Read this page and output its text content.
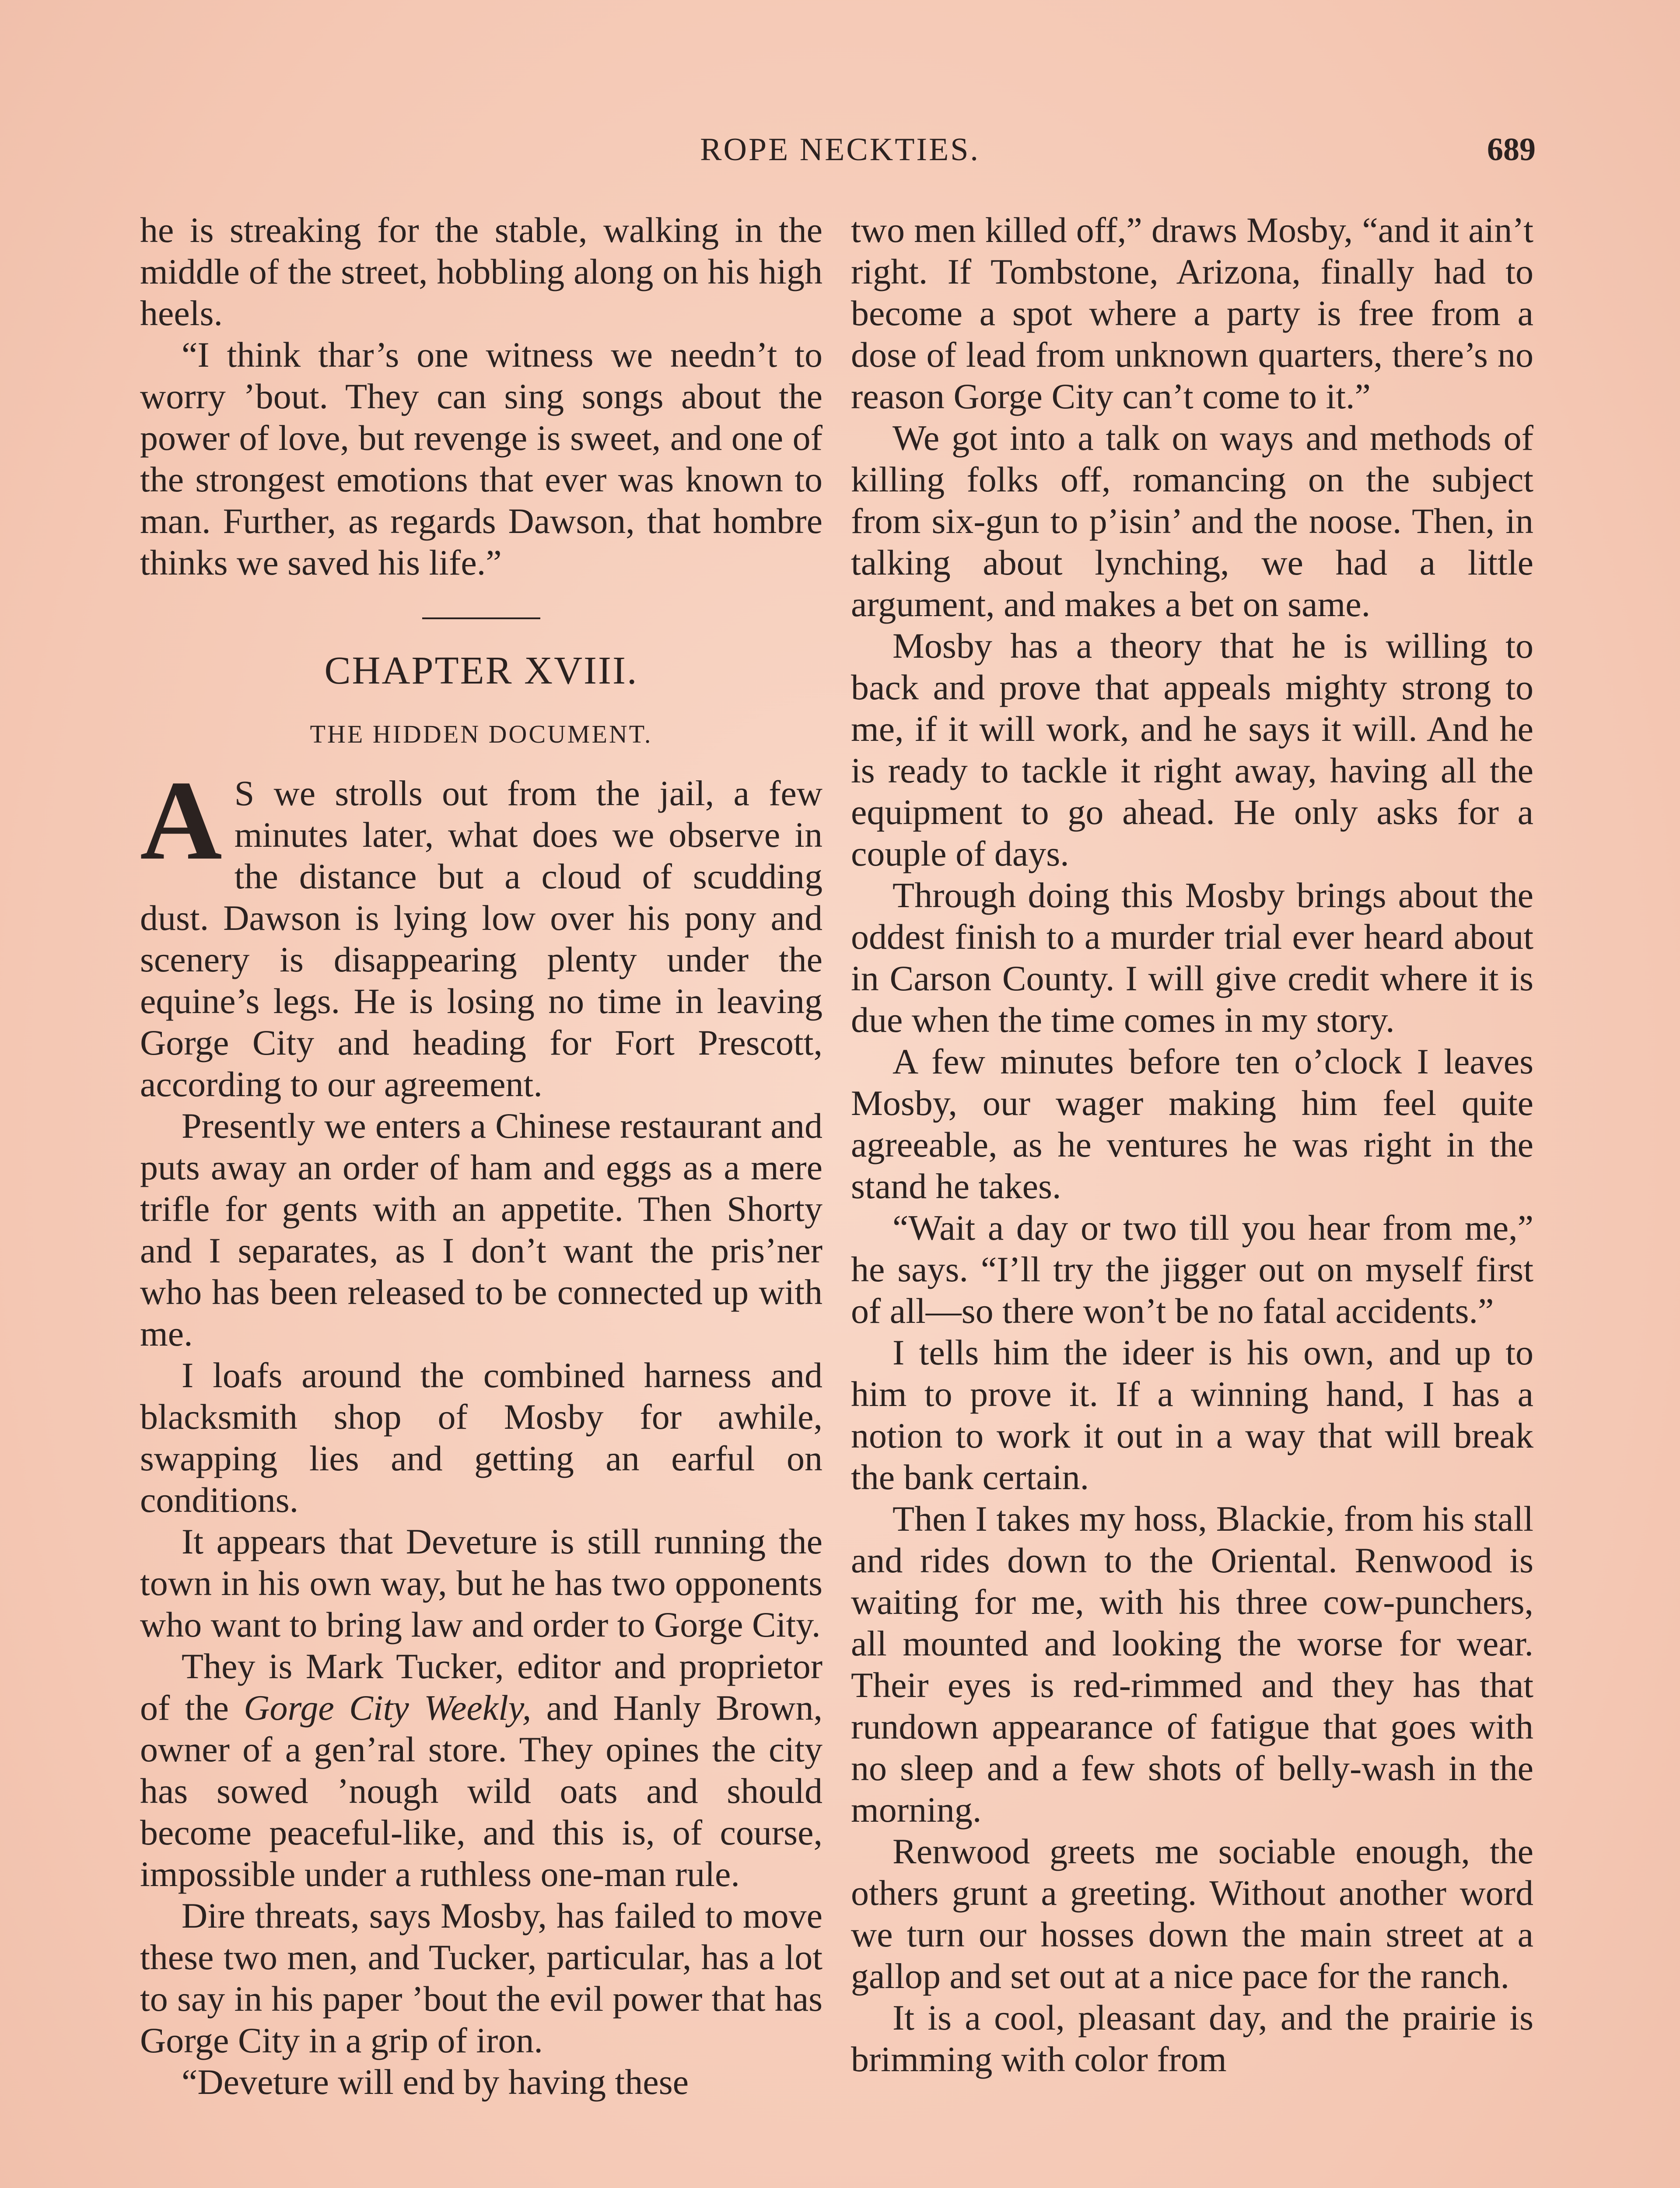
ROPE NECKTIES.	689

he is streaking for the stable, walking in the middle of the street, hobbling along on his high heels.

“I think thar’s one witness we needn’t to worry ’bout. They can sing songs about the power of love, but revenge is sweet, and one of the strongest emotions that ever was known to man. Further, as regards Dawson, that hombre thinks we saved his life.”

CHAPTER XVIII.

THE HIDDEN DOCUMENT.

A S we strolls out from the jail, a few minutes later, what does we observe in the distance but a cloud of scudding dust. Dawson is lying low over his pony and scenery is disappearing plenty under the equine’s legs. He is losing no time in leaving Gorge City and heading for Fort Prescott, according to our agreement.

Presently we enters a Chinese restaurant and puts away an order of ham and eggs as a mere trifle for gents with an appetite. Then Shorty and I separates, as I don’t want the pris’ner who has been released to be connected up with me.

I loafs around the combined harness and blacksmith shop of Mosby for awhile, swapping lies and getting an earful on conditions.

It appears that Deveture is still running the town in his own way, but he has two opponents who want to bring law and order to Gorge City.

They is Mark Tucker, editor and proprietor of the Gorge City Weekly, and Hanly Brown, owner of a gen’ral store. They opines the city has sowed ’nough wild oats and should become peaceful-like, and this is, of course, impossible under a ruthless one-man rule.

Dire threats, says Mosby, has failed to move these two men, and Tucker, particular, has a lot to say in his paper ’bout the evil power that has Gorge City in a grip of iron.

“Deveture will end by having these

two men killed off,” draws Mosby, “and it ain’t right. If Tombstone, Arizona, finally had to become a spot where a party is free from a dose of lead from unknown quarters, there’s no reason Gorge City can’t come to it.”

We got into a talk on ways and methods of killing folks off, romancing on the subject from six-gun to p’isin’ and the noose. Then, in talking about lynching, we had a little argument, and makes a bet on same.

Mosby has a theory that he is willing to back and prove that appeals mighty strong to me, if it will work, and he says it will. And he is ready to tackle it right away, having all the equipment to go ahead. He only asks for a couple of days.

Through doing this Mosby brings about the oddest finish to a murder trial ever heard about in Carson County. I will give credit where it is due when the time comes in my story.

A few minutes before ten o’clock I leaves Mosby, our wager making him feel quite agreeable, as he ventures he was right in the stand he takes.

“Wait a day or two till you hear from me,” he says. “I’ll try the jigger out on myself first of all—so there won’t be no fatal accidents.”

I tells him the ideer is his own, and up to him to prove it. If a winning hand, I has a notion to work it out in a way that will break the bank certain.

Then I takes my hoss, Blackie, from his stall and rides down to the Oriental. Renwood is waiting for me, with his three cow-punchers, all mounted and looking the worse for wear. Their eyes is red-rimmed and they has that rundown appearance of fatigue that goes with no sleep and a few shots of belly-wash in the morning.

Renwood greets me sociable enough, the others grunt a greeting. Without another word we turn our hosses down the main street at a gallop and set out at a nice pace for the ranch.

It is a cool, pleasant day, and the prairie is brimming with color from
